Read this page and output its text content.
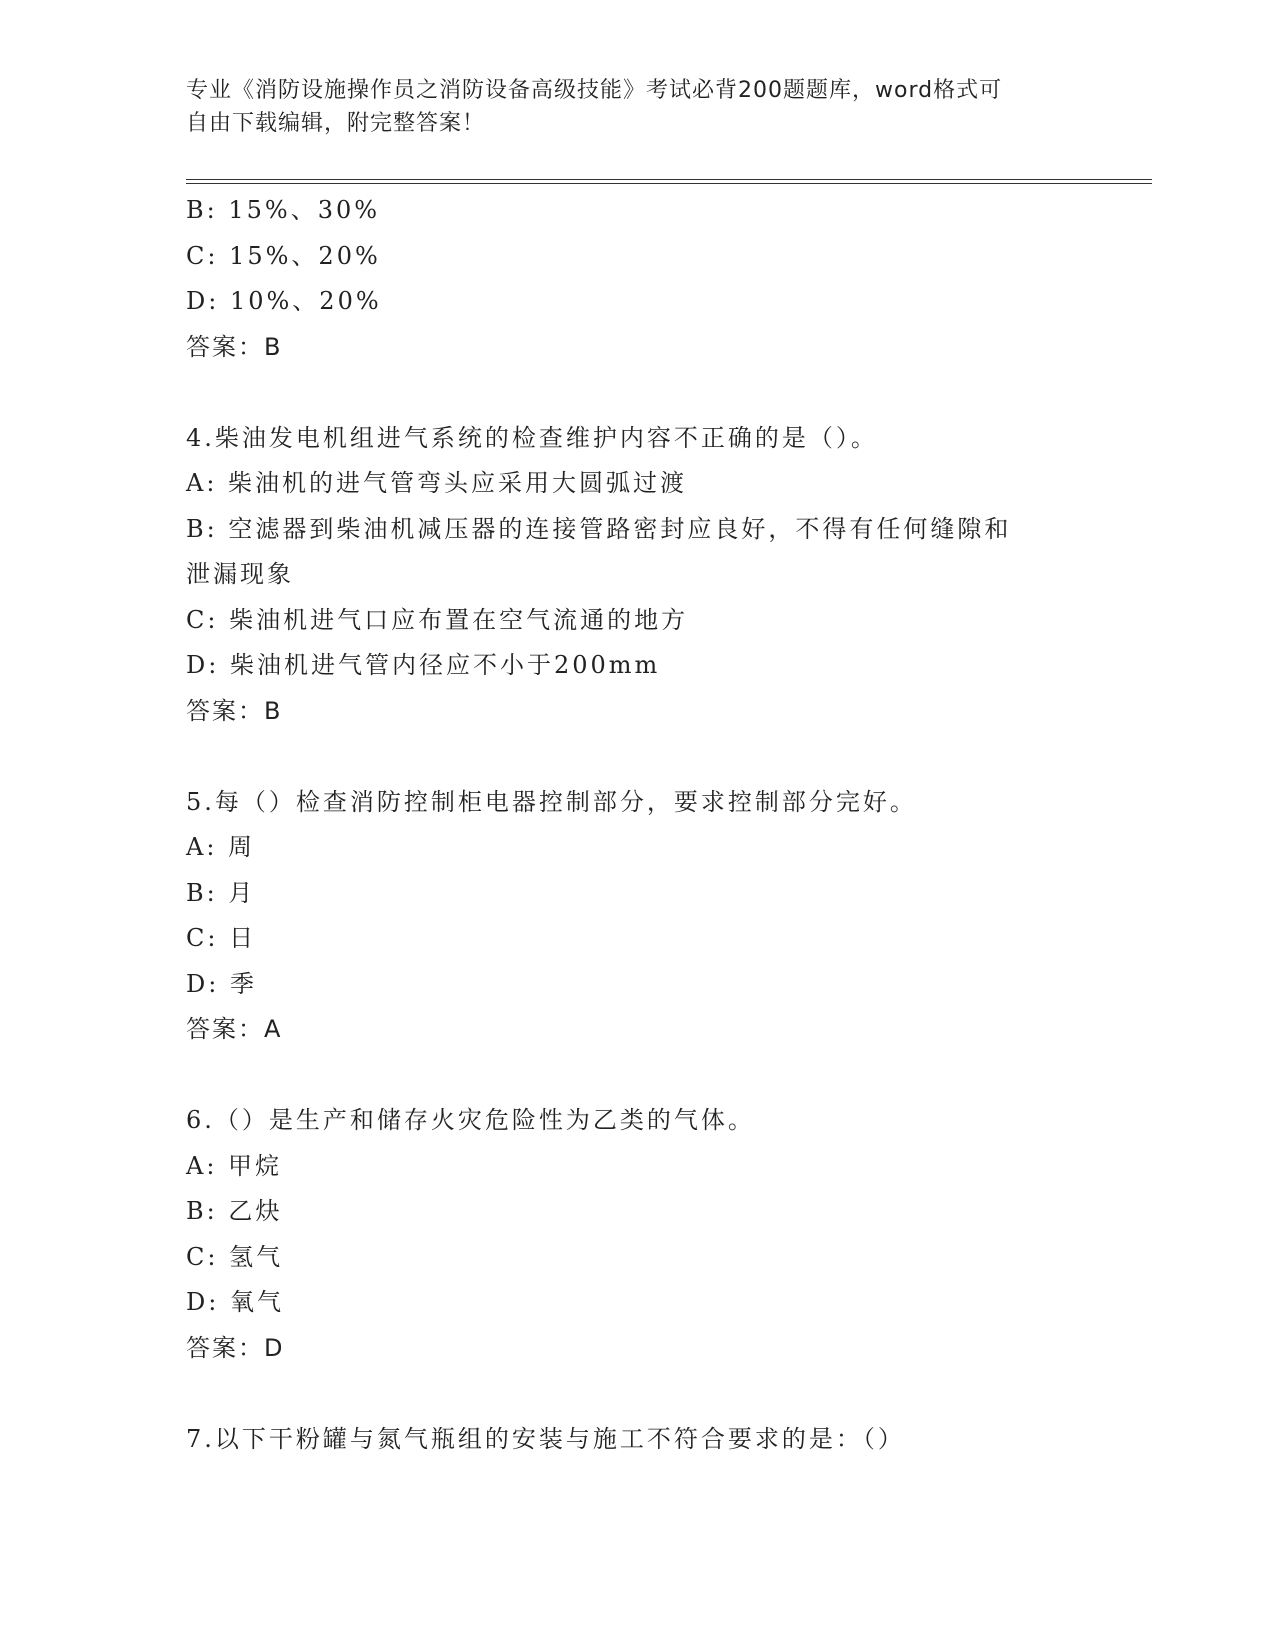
专业《消防设施操作员之消防设备高级技能》考试必背200题题库，word格式可
自由下载编辑，附完整答案！
B: 15%、30%
C: 15%、20%
D: 10%、20%
答案：B
4.柴油发电机组进气系统的检查维护内容不正确的是（）。
A: 柴油机的进气管弯头应采用大圆弧过渡
B: 空滤器到柴油机减压器的连接管路密封应良好，不得有任何缝隙和
泄漏现象
C: 柴油机进气口应布置在空气流通的地方
D: 柴油机进气管内径应不小于200mm
答案：B
5.每（）检查消防控制柜电器控制部分，要求控制部分完好。
A: 周
B: 月
C: 日
D: 季
答案：A
6.（）是生产和储存火灾危险性为乙类的气体。
A: 甲烷
B: 乙炔
C: 氢气
D: 氧气
答案：D
7.以下干粉罐与氮气瓶组的安装与施工不符合要求的是：（）
